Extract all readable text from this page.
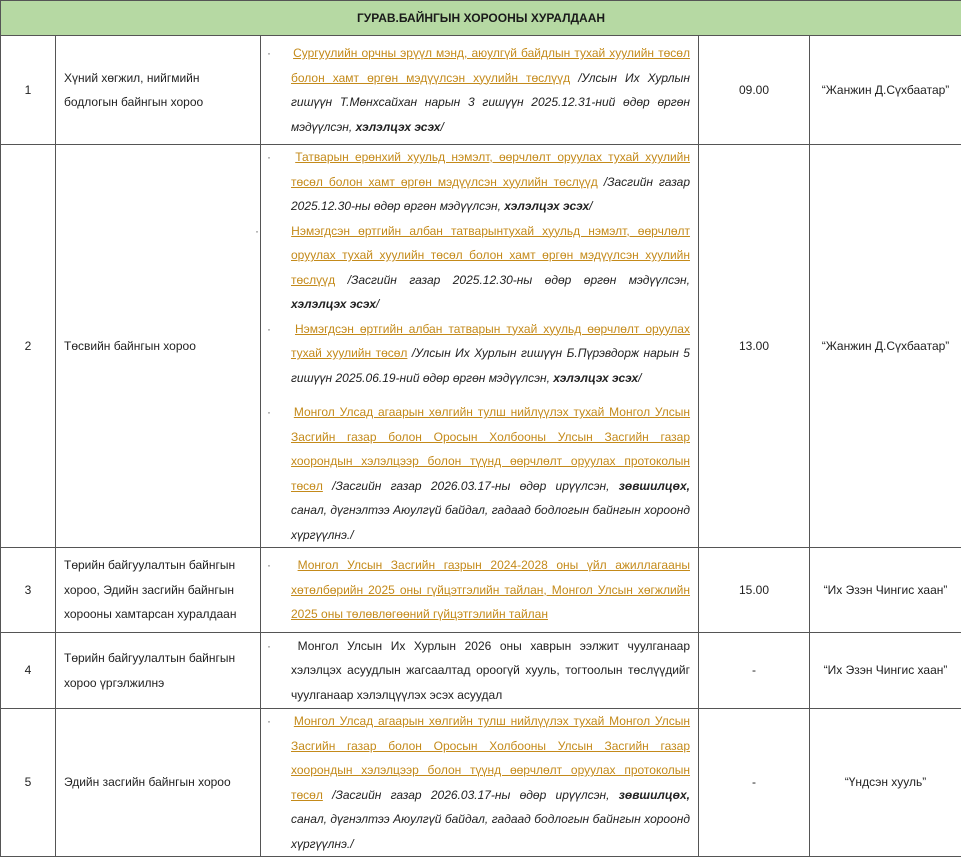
ГУРАВ.БАЙНГЫН ХОРООНЫ ХУРАЛДААН				
1	Хүний хөгжил, нийгмийн бодлогын байнгын хороо	· Сургуулийн орчны эрүүл мэнд, аюулгүй байдлын тухай хуулийн төсөл болон хамт өргөн мэдүүлсэн хуулийн төслүүд /Улсын Их Хурлын гишүүн Т.Мөнхсайхан нарын 3 гишүүн 2025.12.31-ний өдөр өргөн мэдүүлсэн, хэлэлцэх эсэх/	09.00	“Жанжин Д.Сүхбаатар”
2	Төсвийн байнгын хороо	· Татварын ерөнхий хуульд нэмэлт, өөрчлөлт оруулах тухай хуулийн төсөл болон хамт өргөн мэдүүлсэн хуулийн төслүүд /Засгийн газар 2025.12.30-ны өдөр өргөн мэдүүлсэн, хэлэлцэх эсэх/

· Нэмэгдсэн өртгийн албан татварынтухай хуульд нэмэлт, өөрчлөлт оруулах тухай хуулийн төсөл болон хамт өргөн мэдүүлсэн хуулийн төслүүд /Засгийн газар 2025.12.30-ны өдөр өргөн мэдүүлсэн, хэлэлцэх эсэх/

· Нэмэгдсэн өртгийн албан татварын тухай хуульд өөрчлөлт оруулах тухай хуулийн төсөл /Улсын Их Хурлын гишүүн Б.Пүрэвдорж нарын 5 гишүүн 2025.06.19-ний өдөр өргөн мэдүүлсэн, хэлэлцэх эсэх/

· Монгол Улсад агаарын хөлгийн тулш нийлүүлэх тухай Монгол Улсын Засгийн газар болон Оросын Холбооны Улсын Засгийн газар хоорондын хэлэлцээр болон түүнд өөрчлөлт оруулах протоколын төсөл /Засгийн газар 2026.03.17-ны өдөр ирүүлсэн, зөвшилцөх, санал, дүгнэлтээ Аюулгүй байдал, гадаад бодлогын байнгын хороонд хүргүүлнэ./	13.00	“Жанжин Д.Сүхбаатар”
3	Төрийн байгуулалтын байнгын хороо, Эдийн засгийн байнгын хорооны хамтарсан хуралдаан	· Монгол Улсын Засгийн газрын 2024-2028 оны үйл ажиллагааны хөтөлбөрийн 2025 оны гүйцэтгэлийн тайлан, Монгол Улсын хөгжлийн 2025 оны төлөвлөгөөний гүйцэтгэлийн тайлан	15.00	“Их Эзэн Чингис хаан”
4	Төрийн байгуулалтын байнгын хороо үргэлжилнэ	· Монгол Улсын Их Хурлын 2026 оны хаврын ээлжит чуулганаар хэлэлцэх асуудлын жагсаалтад ороогүй хууль, тогтоолын төслүүдийг чуулганаар хэлэлцүүлэх эсэх асуудал	-	“Их Эзэн Чингис хаан”
5	Эдийн засгийн байнгын хороо	· Монгол Улсад агаарын хөлгийн тулш нийлүүлэх тухай Монгол Улсын Засгийн газар болон Оросын Холбооны Улсын Засгийн газар хоорондын хэлэлцээр болон түүнд өөрчлөлт оруулах протоколын төсөл /Засгийн газар 2026.03.17-ны өдөр ирүүлсэн, зөвшилцөх, санал, дүгнэлтээ Аюулгүй байдал, гадаад бодлогын байнгын хороонд хүргүүлнэ./	-	“Үндсэн хууль”
